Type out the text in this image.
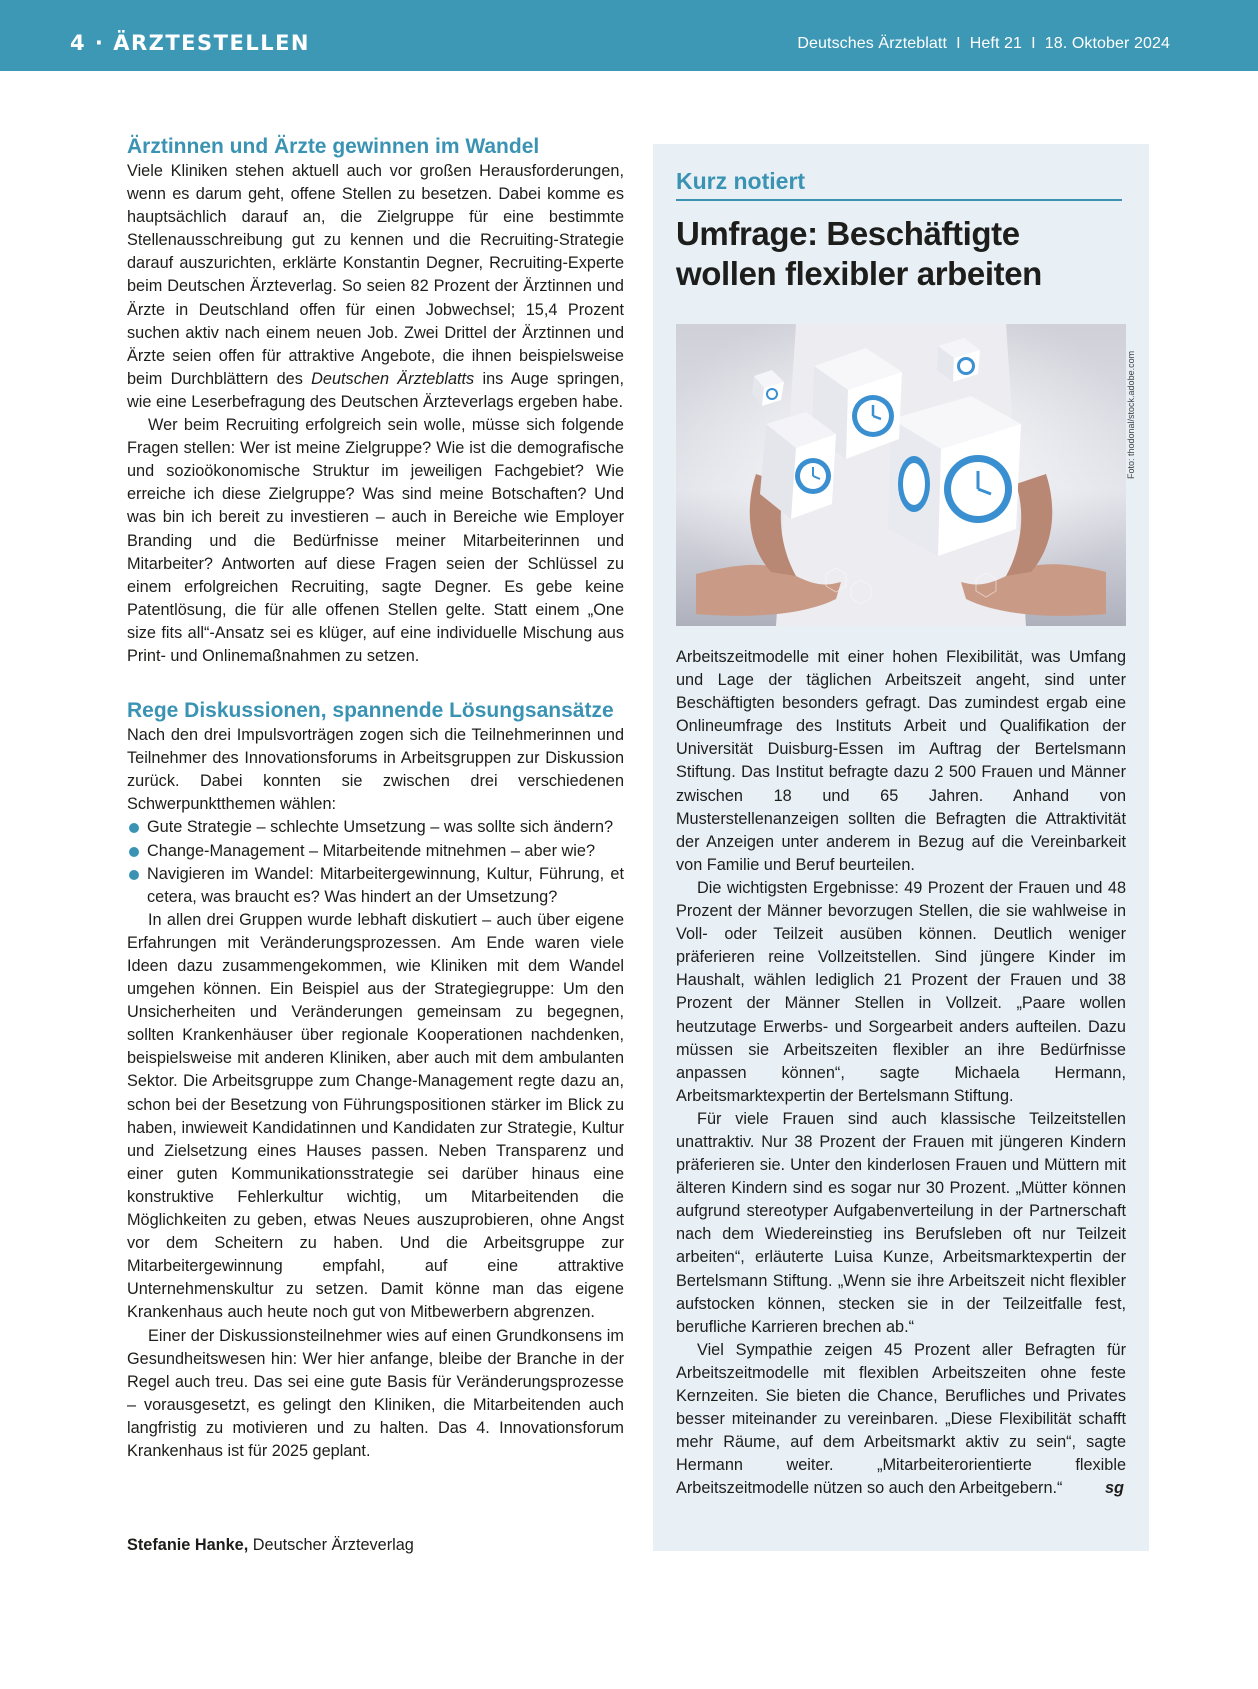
4 · ÄRZTESTELLEN	Deutsches Ärzteblatt  I  Heft 21  I  18. Oktober 2024
Ärztinnen und Ärzte gewinnen im Wandel

Viele Kliniken stehen aktuell auch vor großen Herausforderungen, wenn es darum geht, offene Stellen zu besetzen. Dabei komme es hauptsächlich darauf an, die Zielgruppe für eine bestimmte Stellenausschreibung gut zu kennen und die Recruiting-Strategie darauf auszurichten, erklärte Konstantin Degner, Recruiting-Experte beim Deutschen Ärzteverlag. So seien 82 Prozent der Ärztinnen und Ärzte in Deutschland offen für einen Jobwechsel; 15,4 Prozent suchen aktiv nach einem neuen Job. Zwei Drittel der Ärztinnen und Ärzte seien offen für attraktive Angebote, die ihnen beispielsweise beim Durchblättern des Deutschen Ärzteblatts ins Auge springen, wie eine Leserbefragung des Deutschen Ärzteverlags ergeben habe.

Wer beim Recruiting erfolgreich sein wolle, müsse sich folgende Fragen stellen: Wer ist meine Zielgruppe? Wie ist die demografische und sozioökonomische Struktur im jeweiligen Fachgebiet? Wie erreiche ich diese Zielgruppe? Was sind meine Botschaften? Und was bin ich bereit zu investieren – auch in Bereiche wie Employer Branding und die Bedürfnisse meiner Mitarbeiterinnen und Mitarbeiter? Antworten auf diese Fragen seien der Schlüssel zu einem erfolgreichen Recruiting, sagte Degner. Es gebe keine Patentlösung, die für alle offenen Stellen gelte. Statt einem „One size fits all“-Ansatz sei es klüger, auf eine individuelle Mischung aus Print- und Onlinemaßnahmen zu setzen.

Rege Diskussionen, spannende Lösungsansätze

Nach den drei Impulsvorträgen zogen sich die Teilnehmerinnen und Teilnehmer des Innovationsforums in Arbeitsgruppen zur Diskussion zurück. Dabei konnten sie zwischen drei verschiedenen Schwerpunktthemen wählen:

Gute Strategie – schlechte Umsetzung – was sollte sich ändern?
Change-Management – Mitarbeitende mitnehmen – aber wie?
Navigieren im Wandel: Mitarbeitergewinnung, Kultur, Führung, et cetera, was braucht es? Was hindert an der Umsetzung?

In allen drei Gruppen wurde lebhaft diskutiert – auch über eigene Erfahrungen mit Veränderungsprozessen. Am Ende waren viele Ideen dazu zusammengekommen, wie Kliniken mit dem Wandel umgehen können. Ein Beispiel aus der Strategiegruppe: Um den Unsicherheiten und Veränderungen gemeinsam zu begegnen, sollten Krankenhäuser über regionale Kooperationen nachdenken, beispielsweise mit anderen Kliniken, aber auch mit dem ambulanten Sektor. Die Arbeitsgruppe zum Change-Management regte dazu an, schon bei der Besetzung von Führungspositionen stärker im Blick zu haben, inwieweit Kandidatinnen und Kandidaten zur Strategie, Kultur und Zielsetzung eines Hauses passen. Neben Transparenz und einer guten Kommunikationsstrategie sei darüber hinaus eine konstruktive Fehlerkultur wichtig, um Mitarbeitenden die Möglichkeiten zu geben, etwas Neues auszuprobieren, ohne Angst vor dem Scheitern zu haben. Und die Arbeitsgruppe zur Mitarbeitergewinnung empfahl, auf eine attraktive Unternehmenskultur zu setzen. Damit könne man das eigene Krankenhaus auch heute noch gut von Mitbewerbern abgrenzen.

Einer der Diskussionsteilnehmer wies auf einen Grundkonsens im Gesundheitswesen hin: Wer hier anfange, bleibe der Branche in der Regel auch treu. Das sei eine gute Basis für Veränderungsprozesse – vorausgesetzt, es gelingt den Kliniken, die Mitarbeitenden auch langfristig zu motivieren und zu halten. Das 4. Innovationsforum Krankenhaus ist für 2025 geplant.

Stefanie Hanke, Deutscher Ärzteverlag
Kurz notiert
Umfrage: Beschäftigte wollen flexibler arbeiten
Foto: thodonal/stock.adobe.com

Arbeitszeitmodelle mit einer hohen Flexibilität, was Umfang und Lage der täglichen Arbeitszeit angeht, sind unter Beschäftigten besonders gefragt. Das zumindest ergab eine Onlineumfrage des Instituts Arbeit und Qualifikation der Universität Duisburg-Essen im Auftrag der Bertelsmann Stiftung. Das Institut befragte dazu 2 500 Frauen und Männer zwischen 18 und 65 Jahren. Anhand von Musterstellenanzeigen sollten die Befragten die Attraktivität der Anzeigen unter anderem in Bezug auf die Vereinbarkeit von Familie und Beruf beurteilen.

Die wichtigsten Ergebnisse: 49 Prozent der Frauen und 48 Prozent der Männer bevorzugen Stellen, die sie wahlweise in Voll- oder Teilzeit ausüben können. Deutlich weniger präferieren reine Vollzeitstellen. Sind jüngere Kinder im Haushalt, wählen lediglich 21 Prozent der Frauen und 38 Prozent der Männer Stellen in Vollzeit. „Paare wollen heutzutage Erwerbs- und Sorgearbeit anders aufteilen. Dazu müssen sie Arbeitszeiten flexibler an ihre Bedürfnisse anpassen können“, sagte Michaela Hermann, Arbeitsmarktexpertin der Bertelsmann Stiftung.

Für viele Frauen sind auch klassische Teilzeitstellen unattraktiv. Nur 38 Prozent der Frauen mit jüngeren Kindern präferieren sie. Unter den kinderlosen Frauen und Müttern mit älteren Kindern sind es sogar nur 30 Prozent. „Mütter können aufgrund stereotyper Aufgabenverteilung in der Partnerschaft nach dem Wiedereinstieg ins Berufsleben oft nur Teilzeit arbeiten“, erläuterte Luisa Kunze, Arbeitsmarktexpertin der Bertelsmann Stiftung. „Wenn sie ihre Arbeitszeit nicht flexibler aufstocken können, stecken sie in der Teilzeitfalle fest, berufliche Karrieren brechen ab.“

Viel Sympathie zeigen 45 Prozent aller Befragten für Arbeitszeitmodelle mit flexiblen Arbeitszeiten ohne feste Kernzeiten. Sie bieten die Chance, Berufliches und Privates besser miteinander zu vereinbaren. „Diese Flexibilität schafft mehr Räume, auf dem Arbeitsmarkt aktiv zu sein“, sagte Hermann weiter. „Mitarbeiterorientierte flexible Arbeitszeitmodelle nützen so auch den Arbeitgebern.“	sg
